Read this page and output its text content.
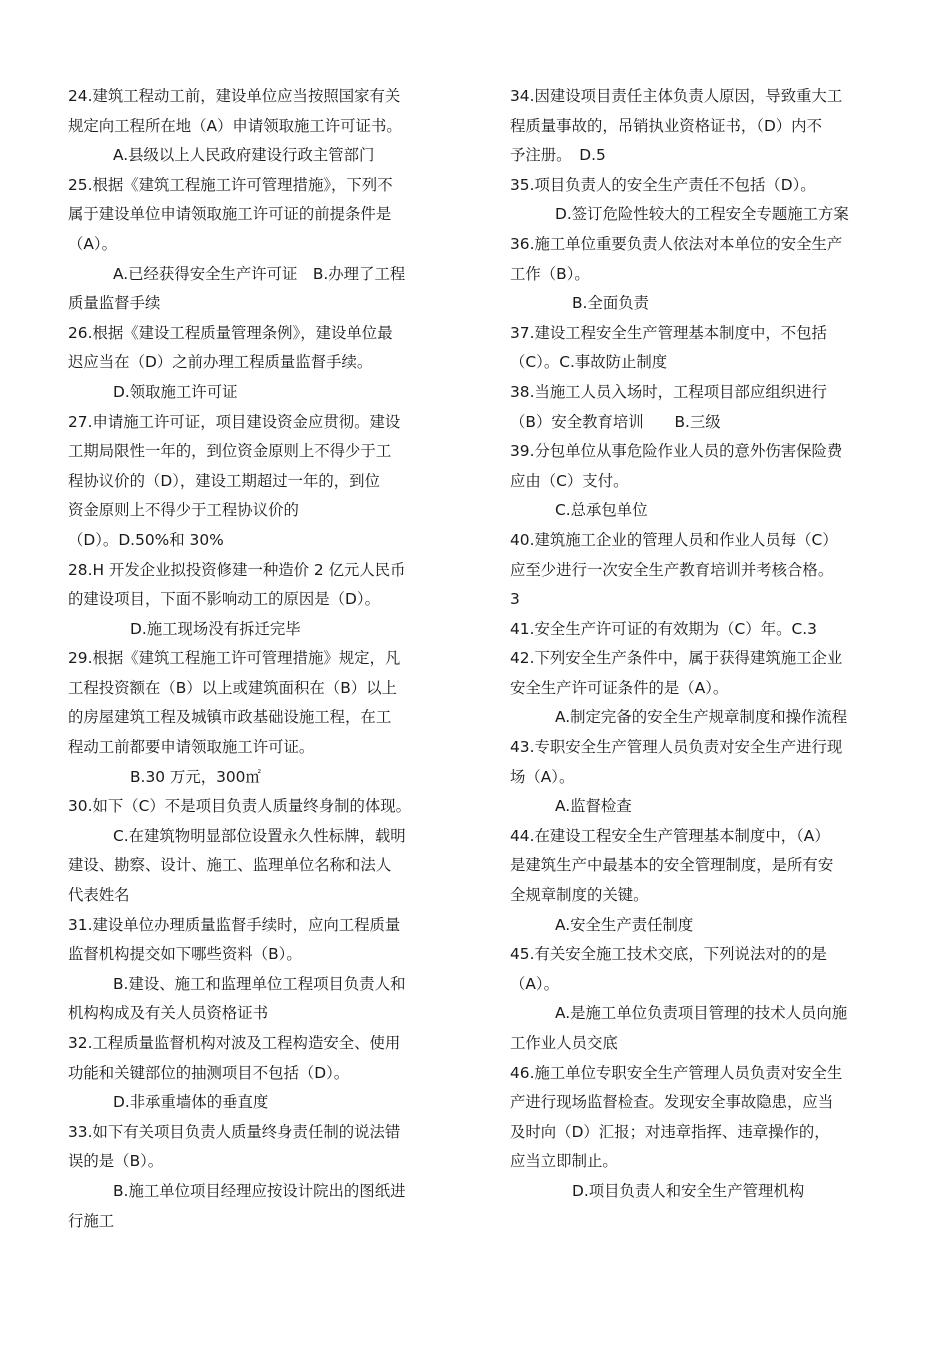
24.建筑工程动工前，建设单位应当按照国家有关
规定向工程所在地（A）申请领取施工许可证书。
A.县级以上人民政府建设行政主管部门
25.根据《建筑工程施工许可管理措施》，下列不
属于建设单位申请领取施工许可证的前提条件是
（A）。
A.已经获得安全生产许可证　B.办理了工程
质量监督手续
26.根据《建设工程质量管理条例》，建设单位最
迟应当在（D）之前办理工程质量监督手续。
D.领取施工许可证
27.申请施工许可证，项目建设资金应贯彻。建设
工期局限性一年的，到位资金原则上不得少于工
程协议价的（D），建设工期超过一年的，到位
资金原则上不得少于工程协议价的
（D）。D.50%和 30%
28.H 开发企业拟投资修建一种造价 2 亿元人民币
的建设项目，下面不影响动工的原因是（D）。
D.施工现场没有拆迁完毕
29.根据《建筑工程施工许可管理措施》规定，凡
工程投资额在（B）以上或建筑面积在（B）以上
的房屋建筑工程及城镇市政基础设施工程，在工
程动工前都要申请领取施工许可证。
B.30 万元，300㎡
30.如下（C）不是项目负责人质量终身制的体现。
C.在建筑物明显部位设置永久性标牌，载明
建设、勘察、设计、施工、监理单位名称和法人
代表姓名
31.建设单位办理质量监督手续时，应向工程质量
监督机构提交如下哪些资料（B）。
B.建设、施工和监理单位工程项目负责人和
机构构成及有关人员资格证书
32.工程质量监督机构对波及工程构造安全、使用
功能和关键部位的抽测项目不包括（D）。
D.非承重墙体的垂直度
33.如下有关项目负责人质量终身责任制的说法错
误的是（B）。
B.施工单位项目经理应按设计院出的图纸进
行施工
34.因建设项目责任主体负责人原因，导致重大工
程质量事故的，吊销执业资格证书，（D）内不
予注册。　D.5
35.项目负责人的安全生产责任不包括（D）。
D.签订危险性较大的工程安全专题施工方案
36.施工单位重要负责人依法对本单位的安全生产
工作（B）。
B.全面负责
37.建设工程安全生产管理基本制度中，不包括
（C）。C.事故防止制度
38.当施工人员入场时，工程项目部应组织进行
（B）安全教育培训　　B.三级
39.分包单位从事危险作业人员的意外伤害保险费
应由（C）支付。
C.总承包单位
40.建筑施工企业的管理人员和作业人员每（C）
应至少进行一次安全生产教育培训并考核合格。
3
41.安全生产许可证的有效期为（C）年。C.3
42.下列安全生产条件中，属于获得建筑施工企业
安全生产许可证条件的是（A）。
A.制定完备的安全生产规章制度和操作流程
43.专职安全生产管理人员负责对安全生产进行现
场（A）。
A.监督检查
44.在建设工程安全生产管理基本制度中，（A）
是建筑生产中最基本的安全管理制度，是所有安
全规章制度的关键。
A.安全生产责任制度
45.有关安全施工技术交底，下列说法对的的是
（A）。
A.是施工单位负责项目管理的技术人员向施
工作业人员交底
46.施工单位专职安全生产管理人员负责对安全生
产进行现场监督检查。发现安全事故隐患，应当
及时向（D）汇报；对违章指挥、违章操作的，
应当立即制止。
D.项目负责人和安全生产管理机构
